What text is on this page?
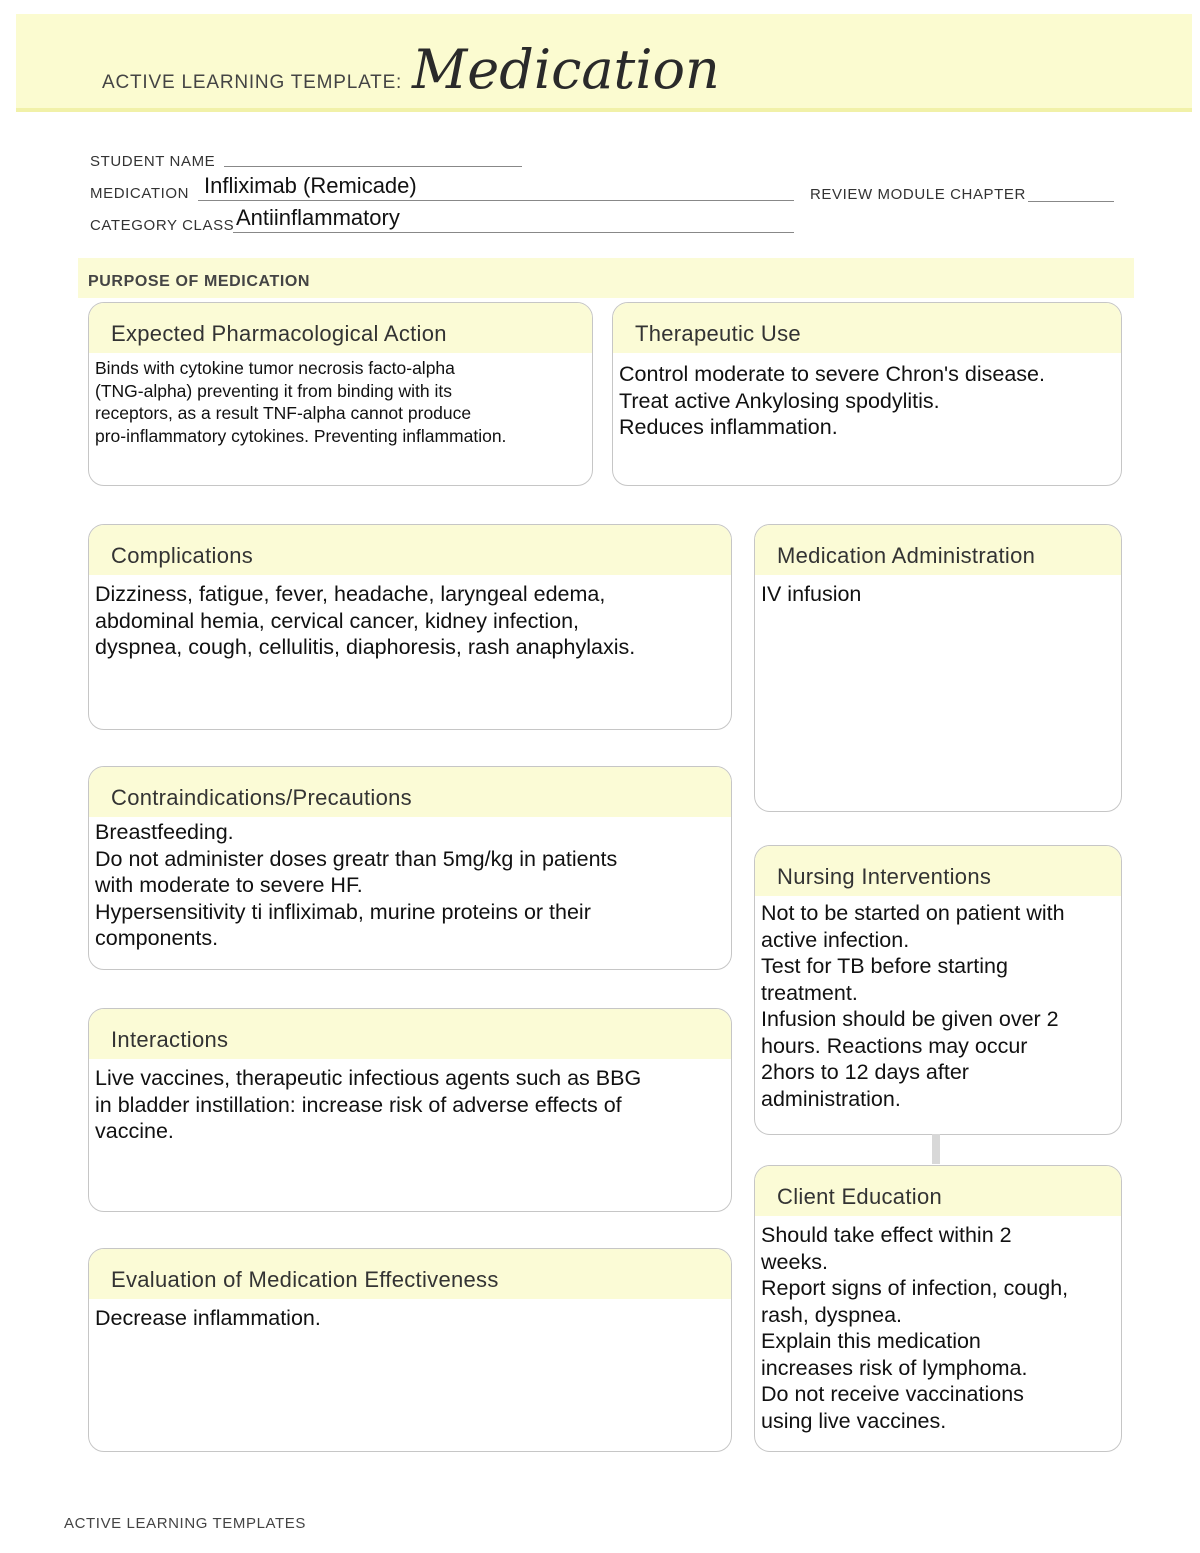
ACTIVE LEARNING TEMPLATE: Medication
STUDENT NAME
MEDICATION Infliximab (Remicade)	REVIEW MODULE CHAPTER
CATEGORY CLASS Antiinflammatory
PURPOSE OF MEDICATION
Expected Pharmacological Action
Binds with cytokine tumor necrosis facto-alpha
(TNG-alpha) preventing it from binding with its
receptors, as a result TNF-alpha cannot produce
pro-inflammatory cytokines. Preventing inflammation.
Therapeutic Use
Control moderate to severe Chron's disease.
Treat active Ankylosing spodylitis.
Reduces inflammation.
Complications
Dizziness, fatigue, fever, headache, laryngeal edema,
abdominal hemia, cervical cancer, kidney infection,
dyspnea, cough, cellulitis, diaphoresis, rash anaphylaxis.
Medication Administration
IV infusion
Contraindications/Precautions
Breastfeeding.
Do not administer doses greatr than 5mg/kg in patients
with moderate to severe HF.
Hypersensitivity ti infliximab, murine proteins or their
components.
Nursing Interventions
Not to be started on patient with
active infection.
Test for TB before starting
treatment.
Infusion should be given over 2
hours. Reactions may occur
2hors to 12 days after
administration.
Interactions
Live vaccines, therapeutic infectious agents such as BBG
in bladder instillation: increase risk of adverse effects of
vaccine.
Client Education
Should take effect within 2
weeks.
Report signs of infection, cough,
rash, dyspnea.
Explain this medication
increases risk of lymphoma.
Do not receive vaccinations
using live vaccines.
Evaluation of Medication Effectiveness
Decrease inflammation.
ACTIVE LEARNING TEMPLATES
